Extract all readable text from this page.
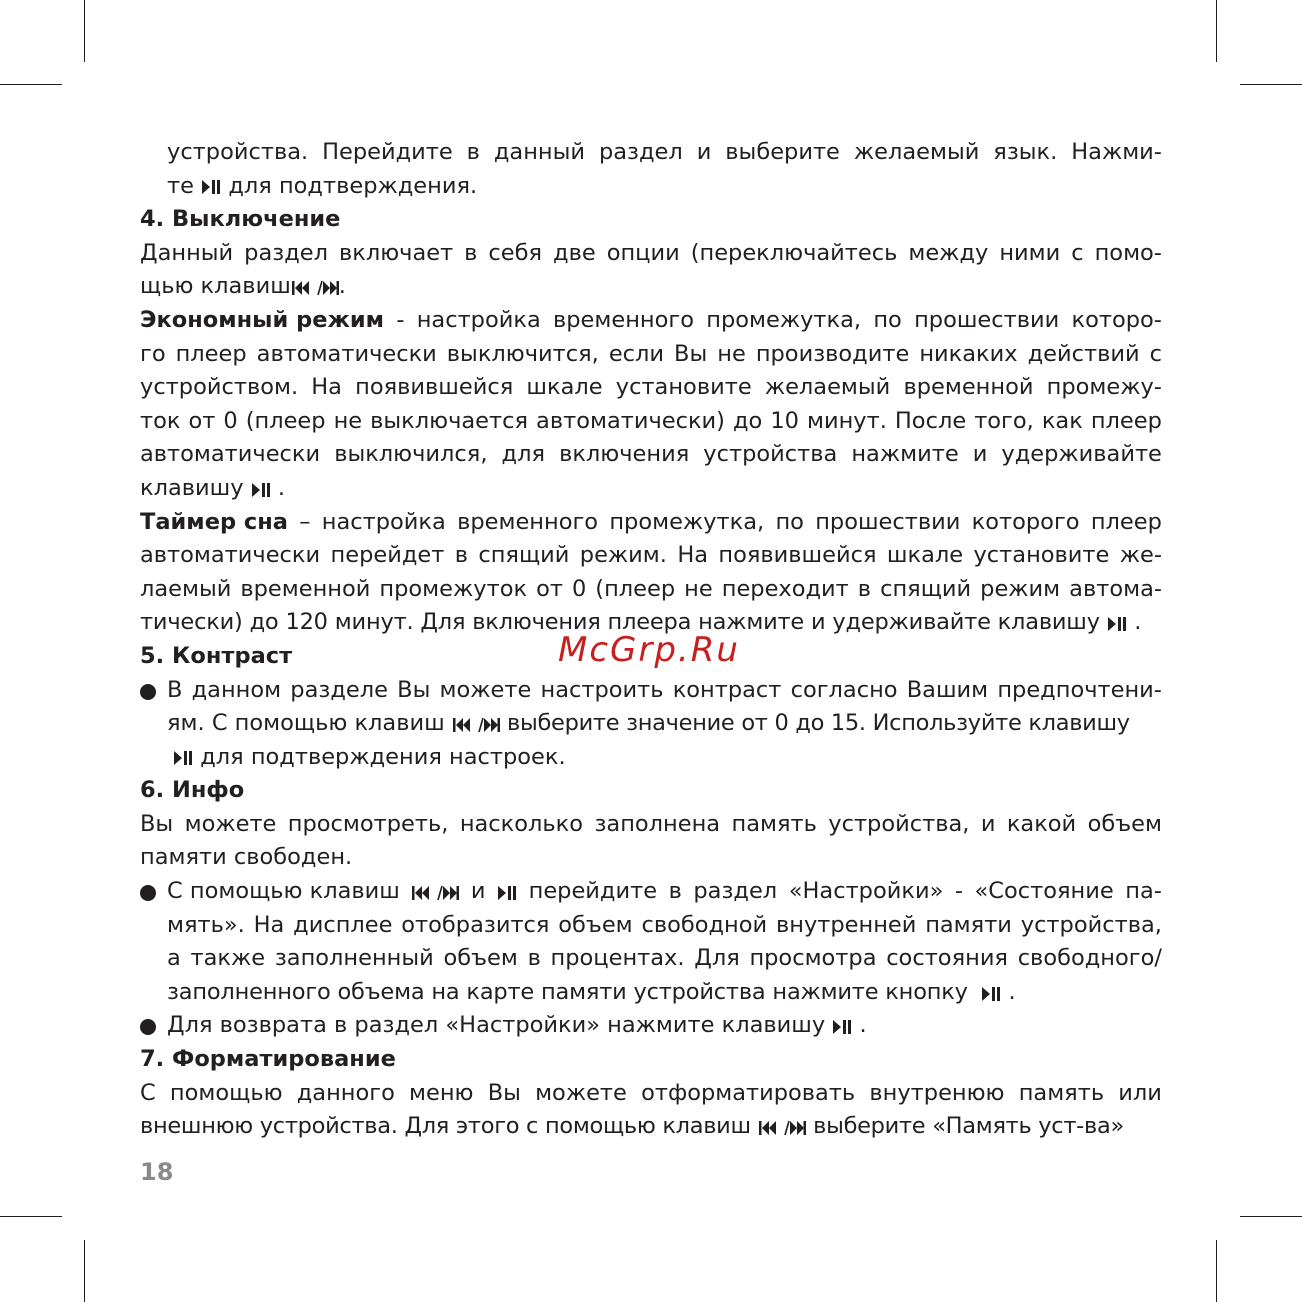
устройства. Перейдите в данный раздел и выберите желаемый язык. Нажми-
те для подтверждения.
4. Выключение
Данный раздел включает в себя две опции (переключайтесь между ними с помо-
щью клавиш .
Экономный режим - настройка временного промежутка, по прошествии которо-
го плеер автоматически выключится, если Вы не производите никаких действий с
устройством. На появившейся шкале установите желаемый временной промежу-
ток от 0 (плеер не выключается автоматически) до 10 минут. После того, как плеер
автоматически выключился, для включения устройства нажмите и удерживайте
клавишу .
Таймер сна – настройка временного промежутка, по прошествии которого плеер
автоматически перейдет в спящий режим. На появившейся шкале установите же-
лаемый временной промежуток от 0 (плеер не переходит в спящий режим автома-
тически) до 120 минут. Для включения плеера нажмите и удерживайте клавишу .
5. Контраст
В данном разделе Вы можете настроить контраст согласно Вашим предпочтени-
ям. С помощью клавиш	выберите значение от 0 до 15. Используйте клавишу
для подтверждения настроек.
6. Инфо
Вы можете просмотреть, насколько заполнена память устройства, и какой объем
памяти свободен.
С помощью клавиш	и перейдите в раздел «Настройки» - «Состояние па-
мять». На дисплее отобразится объем свободной внутренней памяти устройства,
а также заполненный объем в процентах. Для просмотра состояния свободного/
заполненного объема на карте памяти устройства нажмите кнопку .
Для возврата в раздел «Настройки» нажмите клавишу .
7. Форматирование
С помощью данного меню Вы можете отформатировать внутренюю память или
внешнюю устройства. Для этого с помощью клавиш	выберите «Память уст-ва»
McGrp.Ru
18
